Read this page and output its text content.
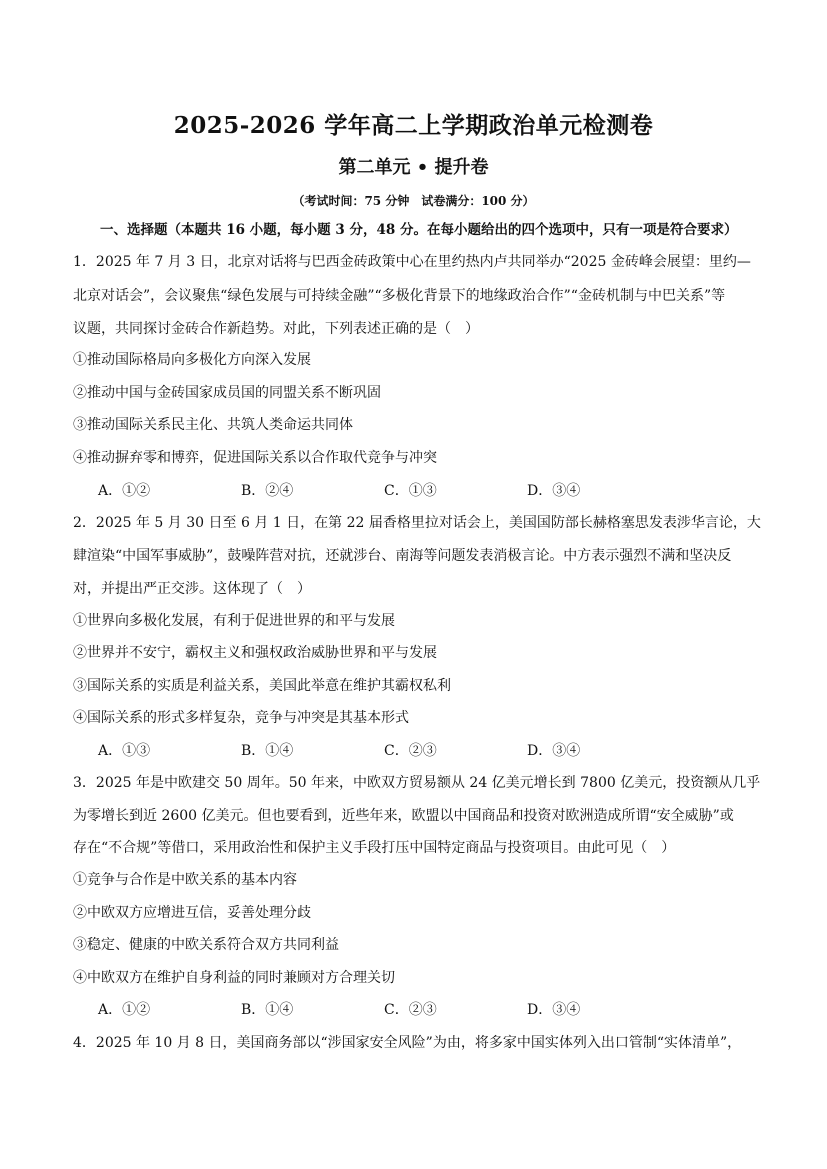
2025-2026 学年高二上学期政治单元检测卷
第二单元 • 提升卷
（考试时间：75 分钟　试卷满分：100 分）
一、选择题（本题共 16 小题，每小题 3 分，48 分。在每小题给出的四个选项中，只有一项是符合要求）
1．2025 年 7 月 3 日，北京对话将与巴西金砖政策中心在里约热内卢共同举办“2025 金砖峰会展望：里约—
北京对话会”，会议聚焦“绿色发展与可持续金融”“多极化背景下的地缘政治合作”“金砖机制与中巴关系”等
议题，共同探讨金砖合作新趋势。对此，下列表述正确的是（　）
①推动国际格局向多极化方向深入发展
②推动中国与金砖国家成员国的同盟关系不断巩固
③推动国际关系民主化、共筑人类命运共同体
④推动摒弃零和博弈，促进国际关系以合作取代竞争与冲突
A．①②	B．②④	C．①③	D．③④
2．2025 年 5 月 30 日至 6 月 1 日，在第 22 届香格里拉对话会上，美国国防部长赫格塞思发表涉华言论，大
肆渲染“中国军事威胁”，鼓噪阵营对抗，还就涉台、南海等问题发表消极言论。中方表示强烈不满和坚决反
对，并提出严正交涉。这体现了（　）
①世界向多极化发展，有利于促进世界的和平与发展
②世界并不安宁，霸权主义和强权政治威胁世界和平与发展
③国际关系的实质是利益关系，美国此举意在维护其霸权私利
④国际关系的形式多样复杂，竞争与冲突是其基本形式
A．①③	B．①④	C．②③	D．③④
3．2025 年是中欧建交 50 周年。50 年来，中欧双方贸易额从 24 亿美元增长到 7800 亿美元，投资额从几乎
为零增长到近 2600 亿美元。但也要看到，近些年来，欧盟以中国商品和投资对欧洲造成所谓“安全威胁”或
存在“不合规”等借口，采用政治性和保护主义手段打压中国特定商品与投资项目。由此可见（　）
①竞争与合作是中欧关系的基本内容
②中欧双方应增进互信，妥善处理分歧
③稳定、健康的中欧关系符合双方共同利益
④中欧双方在维护自身利益的同时兼顾对方合理关切
A．①②	B．①④	C．②③	D．③④
4．2025 年 10 月 8 日，美国商务部以“涉国家安全风险”为由，将多家中国实体列入出口管制“实体清单”，
